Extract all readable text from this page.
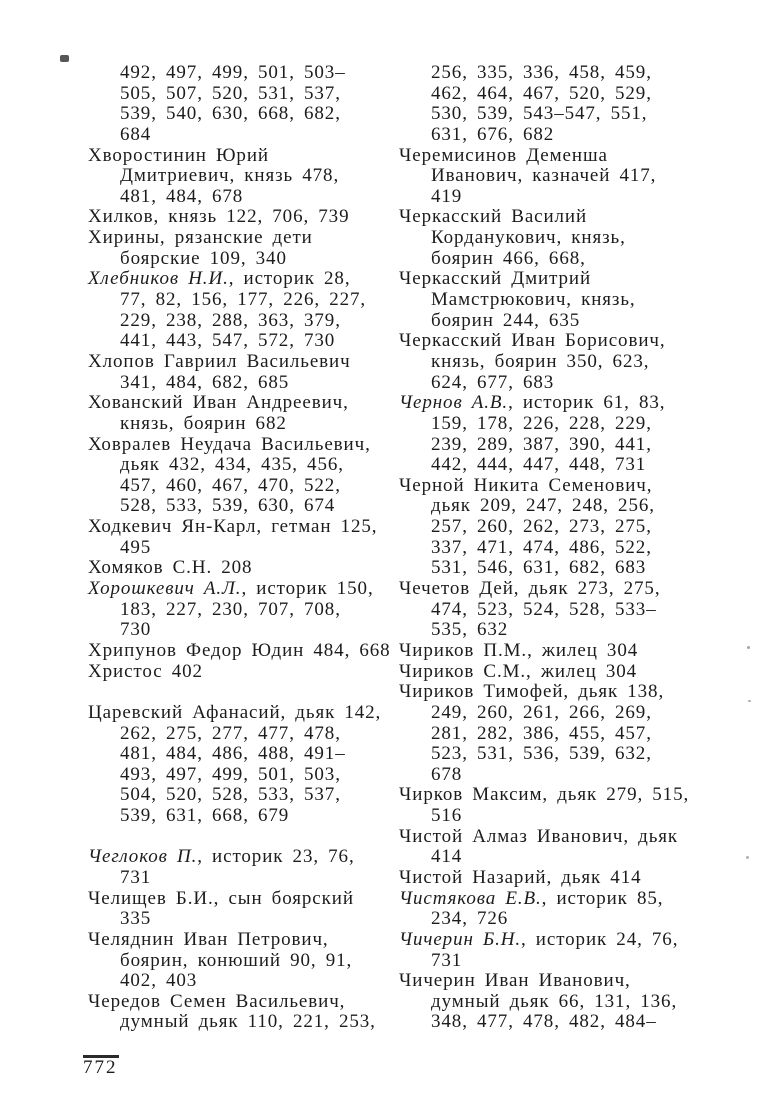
492, 497, 499, 501, 503–
505, 507, 520, 531, 537,
539, 540, 630, 668, 682,
684
Хворостинин Юрий
Дмитриевич, князь 478,
481, 484, 678
Хилков, князь 122, 706, 739
Хирины, рязанские дети
боярские 109, 340
Хлебников Н.И., историк 28,
77, 82, 156, 177, 226, 227,
229, 238, 288, 363, 379,
441, 443, 547, 572, 730
Хлопов Гавриил Васильевич
341, 484, 682, 685
Хованский Иван Андреевич,
князь, боярин 682
Ховралев Неудача Васильевич,
дьяк 432, 434, 435, 456,
457, 460, 467, 470, 522,
528, 533, 539, 630, 674
Ходкевич Ян-Карл, гетман 125,
495
Хомяков С.Н. 208
Хорошкевич А.Л., историк 150,
183, 227, 230, 707, 708,
730
Хрипунов Федор Юдин 484, 668
Христос 402
Царевский Афанасий, дьяк 142,
262, 275, 277, 477, 478,
481, 484, 486, 488, 491–
493, 497, 499, 501, 503,
504, 520, 528, 533, 537,
539, 631, 668, 679
Чеглоков П., историк 23, 76,
731
Челищев Б.И., сын боярский
335
Челяднин Иван Петрович,
боярин, конюший 90, 91,
402, 403
Чередов Семен Васильевич,
думный дьяк 110, 221, 253,
256, 335, 336, 458, 459,
462, 464, 467, 520, 529,
530, 539, 543–547, 551,
631, 676, 682
Черемисинов Деменша
Иванович, казначей 417,
419
Черкасский Василий
Корданукович, князь,
боярин 466, 668,
Черкасский Дмитрий
Мамстрюкович, князь,
боярин 244, 635
Черкасский Иван Борисович,
князь, боярин 350, 623,
624, 677, 683
Чернов А.В., историк 61, 83,
159, 178, 226, 228, 229,
239, 289, 387, 390, 441,
442, 444, 447, 448, 731
Черной Никита Семенович,
дьяк 209, 247, 248, 256,
257, 260, 262, 273, 275,
337, 471, 474, 486, 522,
531, 546, 631, 682, 683
Чечетов Дей, дьяк 273, 275,
474, 523, 524, 528, 533–
535, 632
Чириков П.М., жилец 304
Чириков С.М., жилец 304
Чириков Тимофей, дьяк 138,
249, 260, 261, 266, 269,
281, 282, 386, 455, 457,
523, 531, 536, 539, 632,
678
Чирков Максим, дьяк 279, 515,
516
Чистой Алмаз Иванович, дьяк
414
Чистой Назарий, дьяк 414
Чистякова Е.В., историк 85,
234, 726
Чичерин Б.Н., историк 24, 76,
731
Чичерин Иван Иванович,
думный дьяк 66, 131, 136,
348, 477, 478, 482, 484–
772
